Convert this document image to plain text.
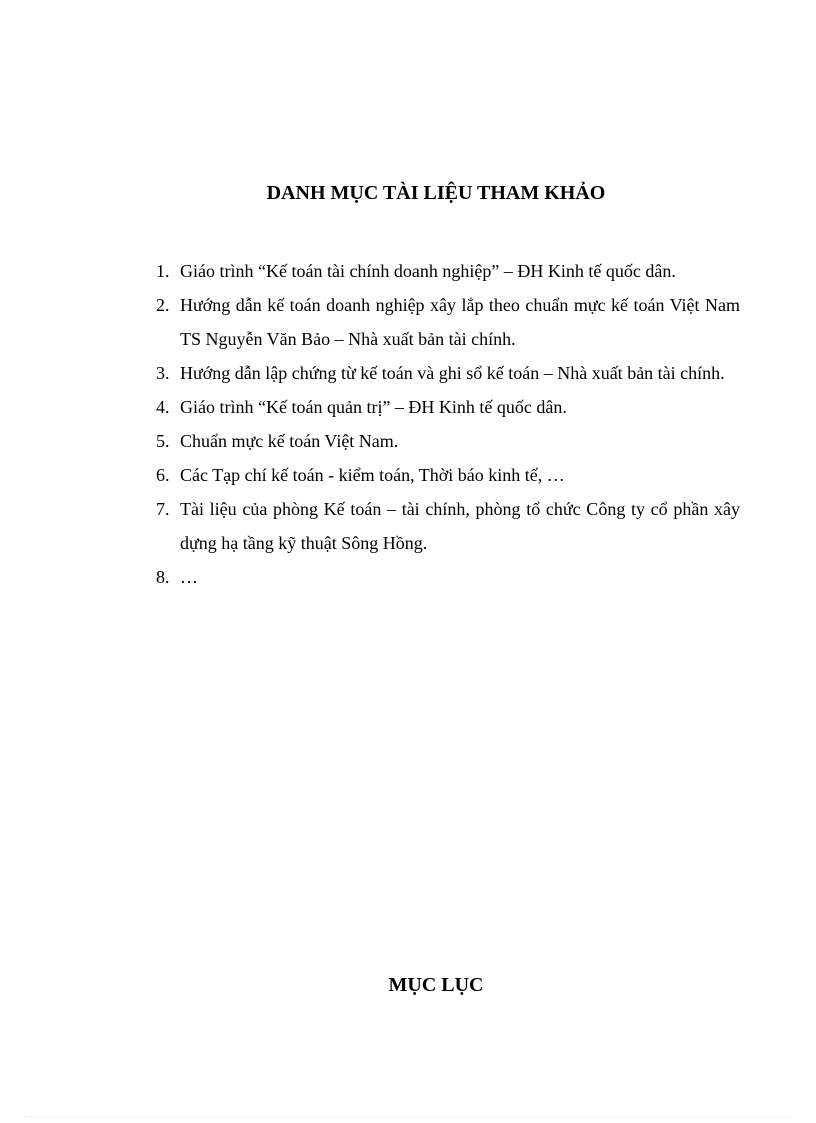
DANH MỤC TÀI LIỆU THAM KHẢO
1. Giáo trình “Kế toán tài chính doanh nghiệp” – ĐH Kinh tế quốc dân.
2. Hướng dẫn kế toán doanh nghiệp xây lắp theo chuẩn mực kế toán Việt Nam TS Nguyễn Văn Bảo – Nhà xuất bản tài chính.
3. Hướng dẫn lập chứng từ kế toán và ghi sổ kế toán – Nhà xuất bản tài chính.
4. Giáo trình “Kế toán quản trị” – ĐH Kinh tế quốc dân.
5. Chuẩn mực kế toán Việt Nam.
6. Các Tạp chí kế toán - kiểm toán, Thời báo kinh tế, …
7. Tài liệu của phòng Kế toán – tài chính, phòng tổ chức Công ty cổ phần xây dựng hạ tầng kỹ thuật Sông Hồng.
8. …
MỤC LỤC
